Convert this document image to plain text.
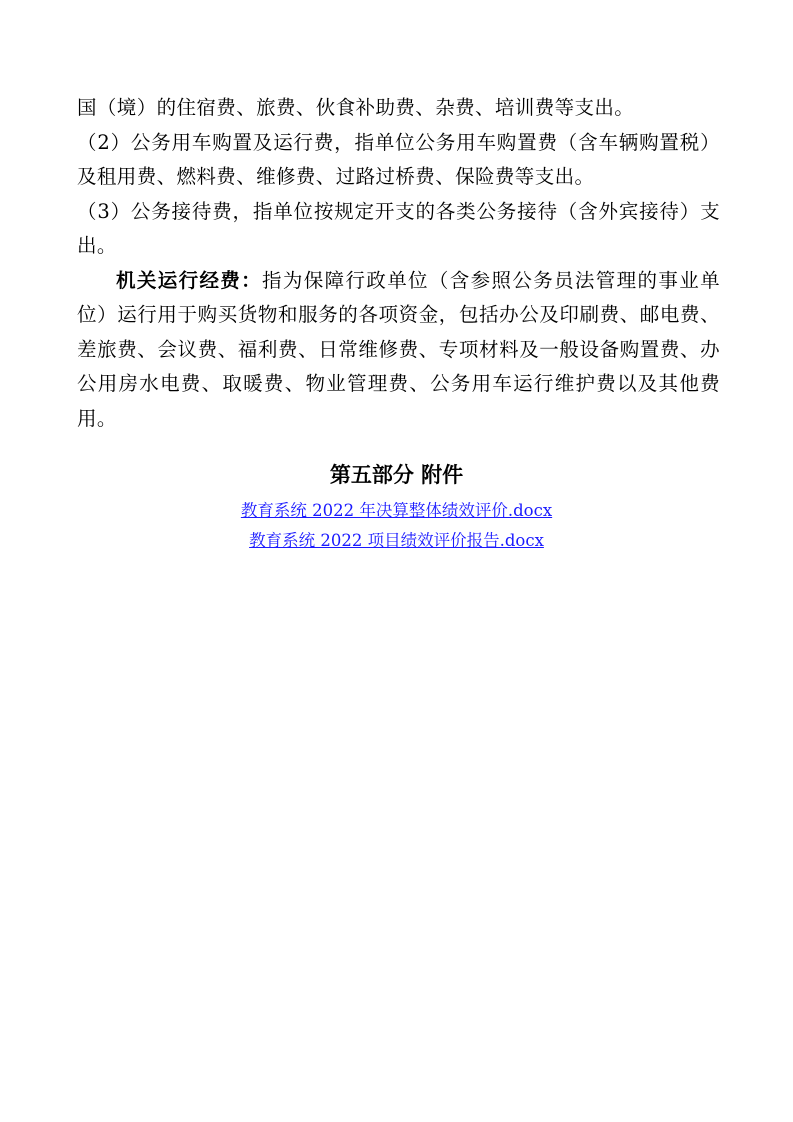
国（境）的住宿费、旅费、伙食补助费、杂费、培训费等支出。

（2）公务用车购置及运行费，指单位公务用车购置费（含车辆购置税）及租用费、燃料费、维修费、过路过桥费、保险费等支出。

（3）公务接待费，指单位按规定开支的各类公务接待（含外宾接待）支出。

机关运行经费：指为保障行政单位（含参照公务员法管理的事业单位）运行用于购买货物和服务的各项资金，包括办公及印刷费、邮电费、差旅费、会议费、福利费、日常维修费、专项材料及一般设备购置费、办公用房水电费、取暖费、物业管理费、公务用车运行维护费以及其他费用。

第五部分 附件
教育系统 2022 年决算整体绩效评价.docx
教育系统 2022 项目绩效评价报告.docx
